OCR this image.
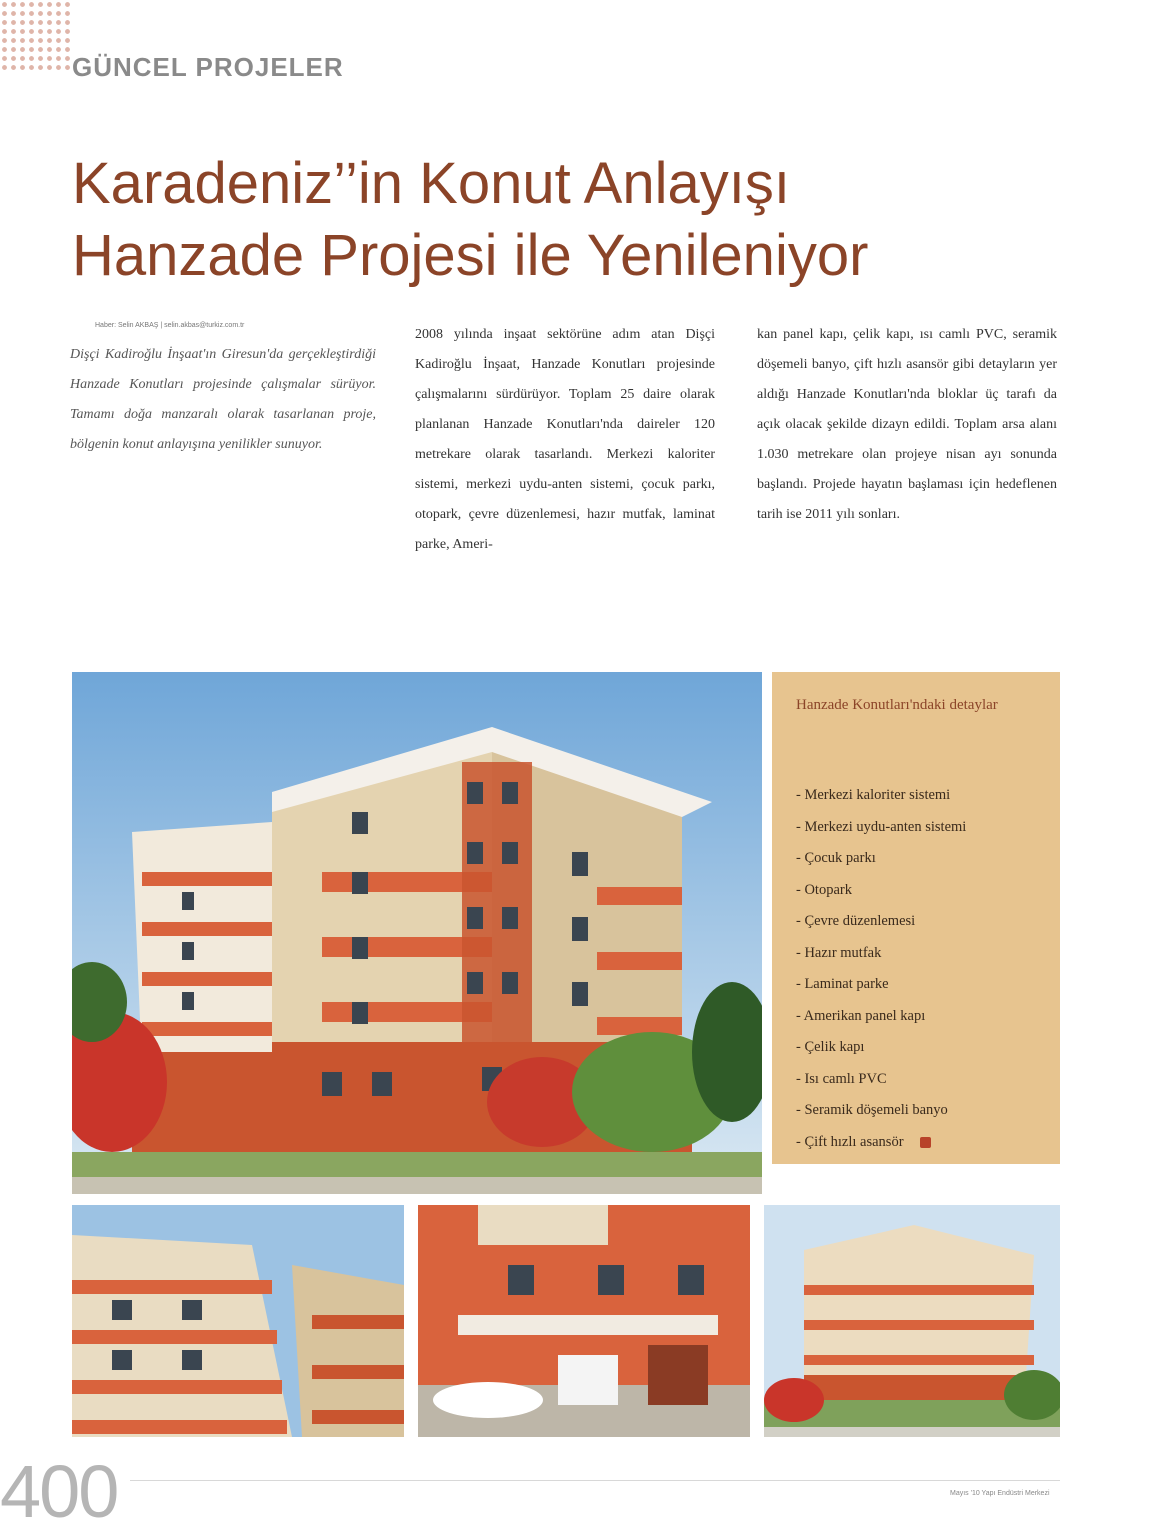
GÜNCEL PROJELER
Karadeniz’’in Konut Anlayışı
Hanzade Projesi ile Yenileniyor
Haber: Selin AKBAŞ | selin.akbas@turkiz.com.tr
Dişçi Kadiroğlu İnşaat'ın Giresun'da gerçekleştirdiği Hanzade Konutları projesinde çalışmalar sürüyor. Tamamı doğa manzaralı olarak tasarlanan proje, bölgenin konut anlayışına yenilikler sunuyor.
2008 yılında inşaat sektörüne adım atan Dişçi Kadiroğlu İnşaat, Hanzade Konutları projesinde çalışmalarını sürdürüyor. Toplam 25 daire olarak planlanan Hanzade Konutları'nda daireler 120 metrekare olarak tasarlandı. Merkezi kaloriter sistemi, merkezi uydu-anten sistemi, çocuk parkı, otopark, çevre düzenlemesi, hazır mutfak, laminat parke, Ameri-
kan panel kapı, çelik kapı, ısı camlı PVC, seramik döşemeli banyo, çift hızlı asansör gibi detayların yer aldığı Hanzade Konutları'nda bloklar üç tarafı da açık olacak şekilde dizayn edildi. Toplam arsa alanı 1.030 metrekare olan projeye nisan ayı sonunda başlandı. Projede hayatın başlaması için hedeflenen tarih ise 2011 yılı sonları.
Hanzade Konutları'ndaki detaylar
- Merkezi kaloriter sistemi
- Merkezi uydu-anten sistemi
- Çocuk parkı
- Otopark
- Çevre düzenlemesi
- Hazır mutfak
- Laminat parke
- Amerikan panel kapı
- Çelik kapı
- Isı camlı PVC
- Seramik döşemeli banyo
- Çift hızlı asansör
400	Mayıs '10 Yapı Endüstri Merkezi
